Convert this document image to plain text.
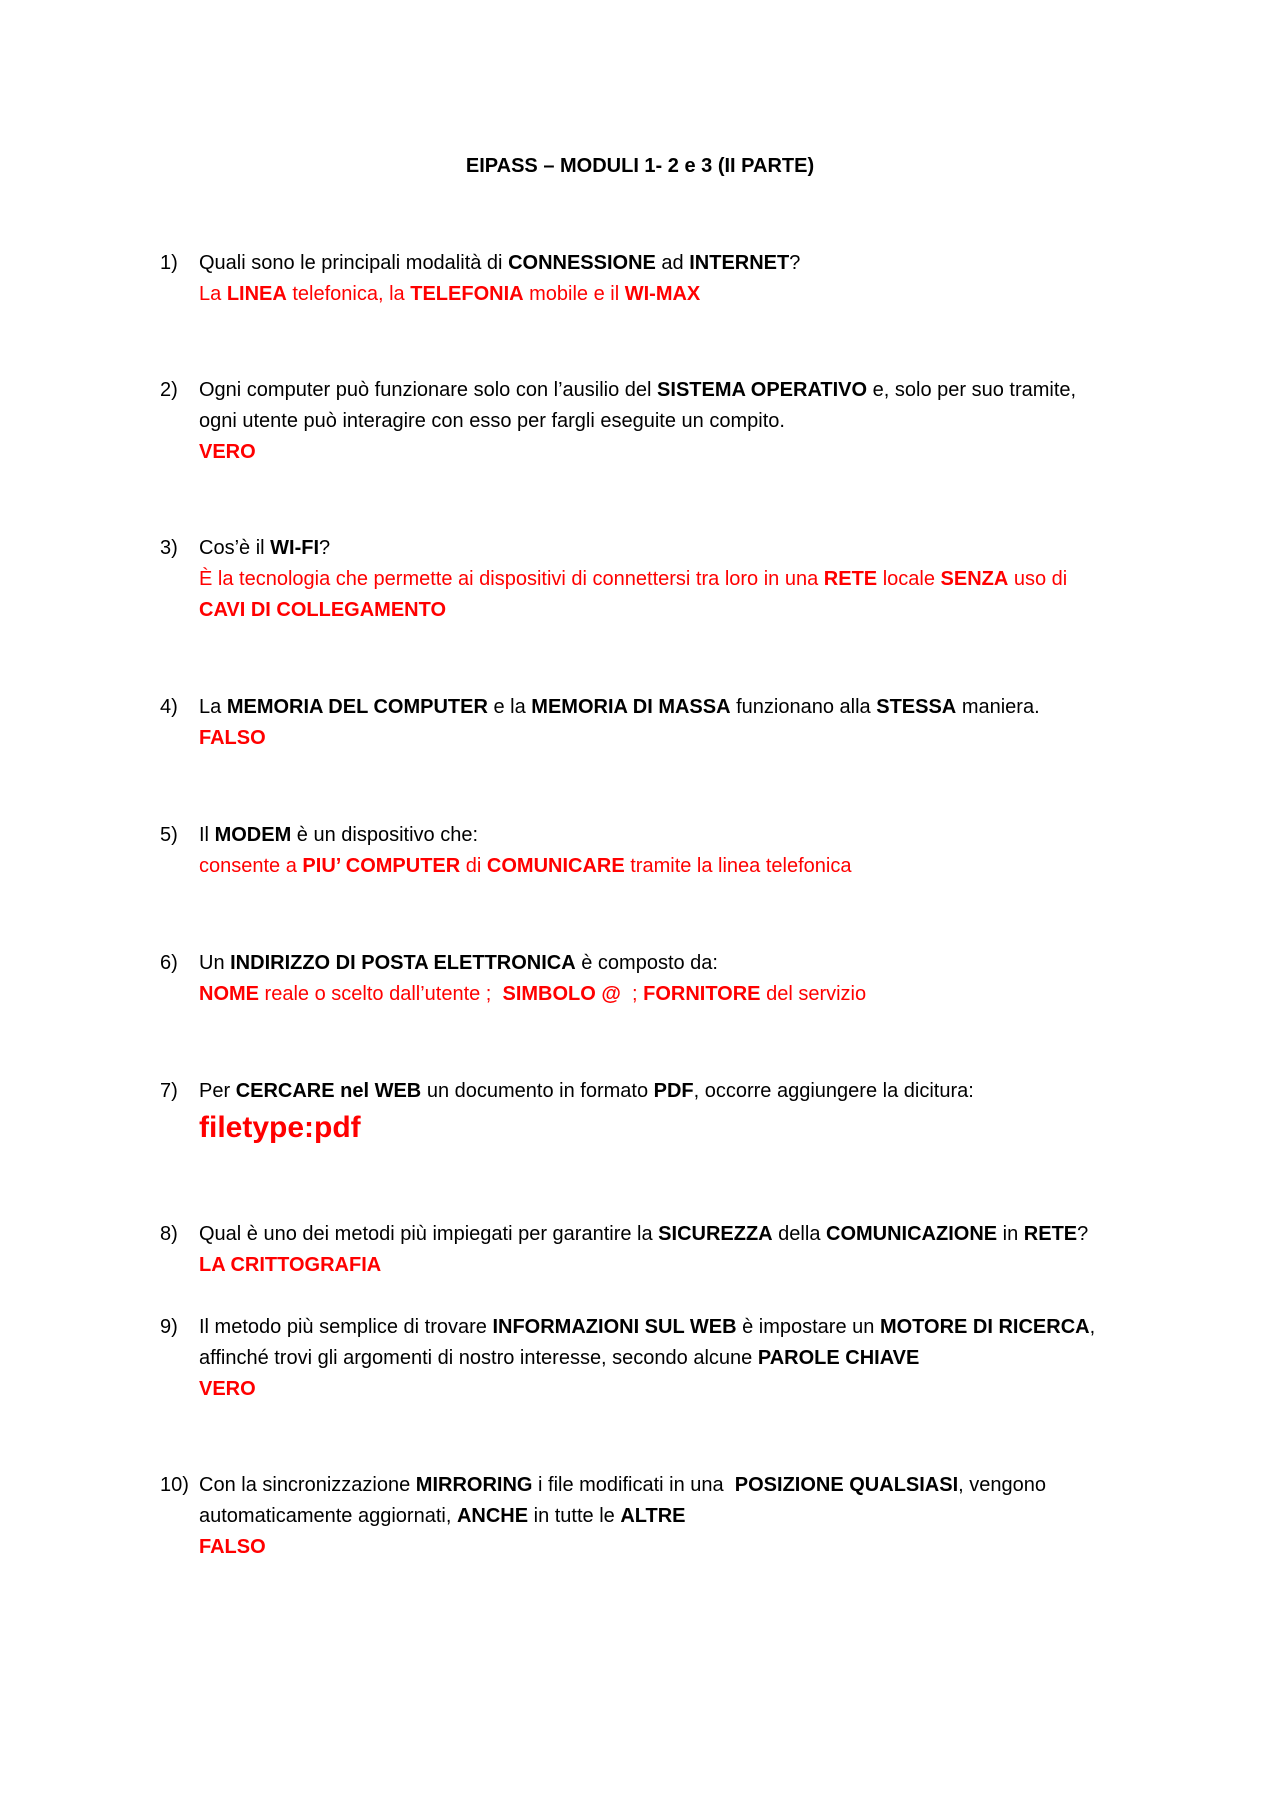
EIPASS – MODULI 1- 2 e 3 (II PARTE)
1)	Quali sono le principali modalità di CONNESSIONE ad INTERNET?
La LINEA telefonica, la TELEFONIA mobile e il WI-MAX
2)	Ogni computer può funzionare solo con l’ausilio del SISTEMA OPERATIVO e, solo per suo tramite,
ogni utente può interagire con esso per fargli eseguite un compito.
VERO
3)	Cos’è il WI-FI?
È la tecnologia che permette ai dispositivi di connettersi tra loro in una RETE locale SENZA uso di
CAVI DI COLLEGAMENTO
4)	La MEMORIA DEL COMPUTER e la MEMORIA DI MASSA funzionano alla STESSA maniera.
FALSO
5)	Il MODEM è un dispositivo che:
consente a PIU’ COMPUTER di COMUNICARE tramite la linea telefonica
6)	Un INDIRIZZO DI POSTA ELETTRONICA è composto da:
NOME reale o scelto dall’utente ;  SIMBOLO @  ; FORNITORE del servizio
7)	Per CERCARE nel WEB un documento in formato PDF, occorre aggiungere la dicitura:
filetype:pdf
8)	Qual è uno dei metodi più impiegati per garantire la SICUREZZA della COMUNICAZIONE in RETE?
LA CRITTOGRAFIA
9)	Il metodo più semplice di trovare INFORMAZIONI SUL WEB è impostare un MOTORE DI RICERCA,
affinché trovi gli argomenti di nostro interesse, secondo alcune PAROLE CHIAVE
VERO
10) Con la sincronizzazione MIRRORING i file modificati in una  POSIZIONE QUALSIASI, vengono
automaticamente aggiornati, ANCHE in tutte le ALTRE
FALSO
